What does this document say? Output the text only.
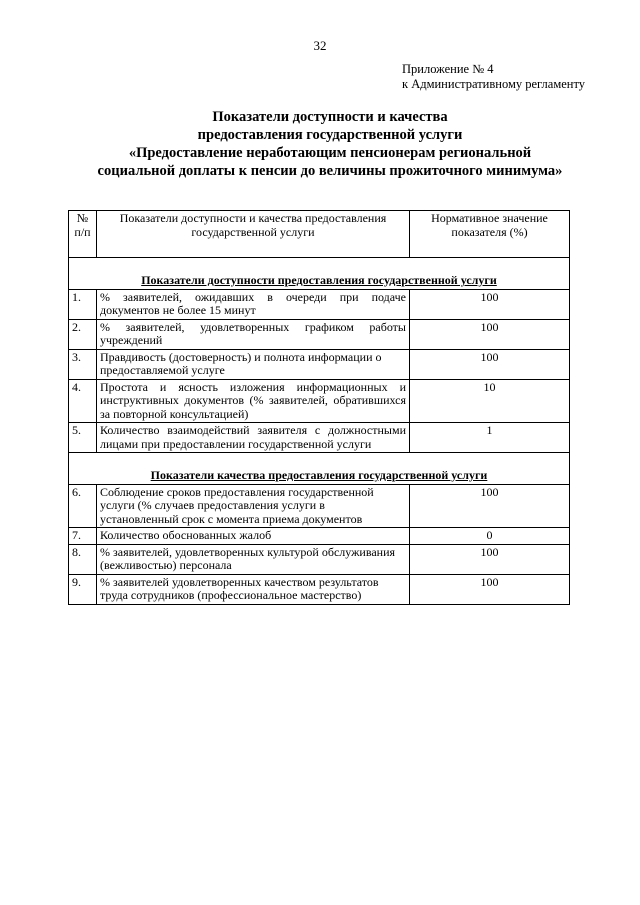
32
Приложение № 4
к Административному регламенту
Показатели доступности и качества
предоставления государственной услуги
«Предоставление неработающим пенсионерам региональной
социальной доплаты к пенсии до величины прожиточного минимума»
№ п/п	Показатели доступности и качества предоставления государственной услуги	Нормативное значение показателя (%)

Показатели доступности предоставления государственной услуги		
1.	% заявителей, ожидавших в очереди при подаче документов не более 15 минут	100
2.	% заявителей, удовлетворенных графиком работы учреждений	100
3.	Правдивость (достоверность) и полнота информации о предоставляемой услуге	100
4.	Простота и ясность изложения информационных и инструктивных документов (% заявителей, обратившихся за повторной консультацией)	10
5.	Количество взаимодействий заявителя с должностными лицами при предоставлении государственной услуги	1

Показатели качества предоставления государственной услуги		
6.	Соблюдение сроков предоставления государственной услуги (% случаев предоставления услуги в установленный срок с момента приема документов	100
7.	Количество обоснованных жалоб	0
8.	% заявителей, удовлетворенных культурой обслуживания (вежливостью) персонала	100
9.	% заявителей удовлетворенных качеством результатов труда сотрудников (профессиональное мастерство)	100
